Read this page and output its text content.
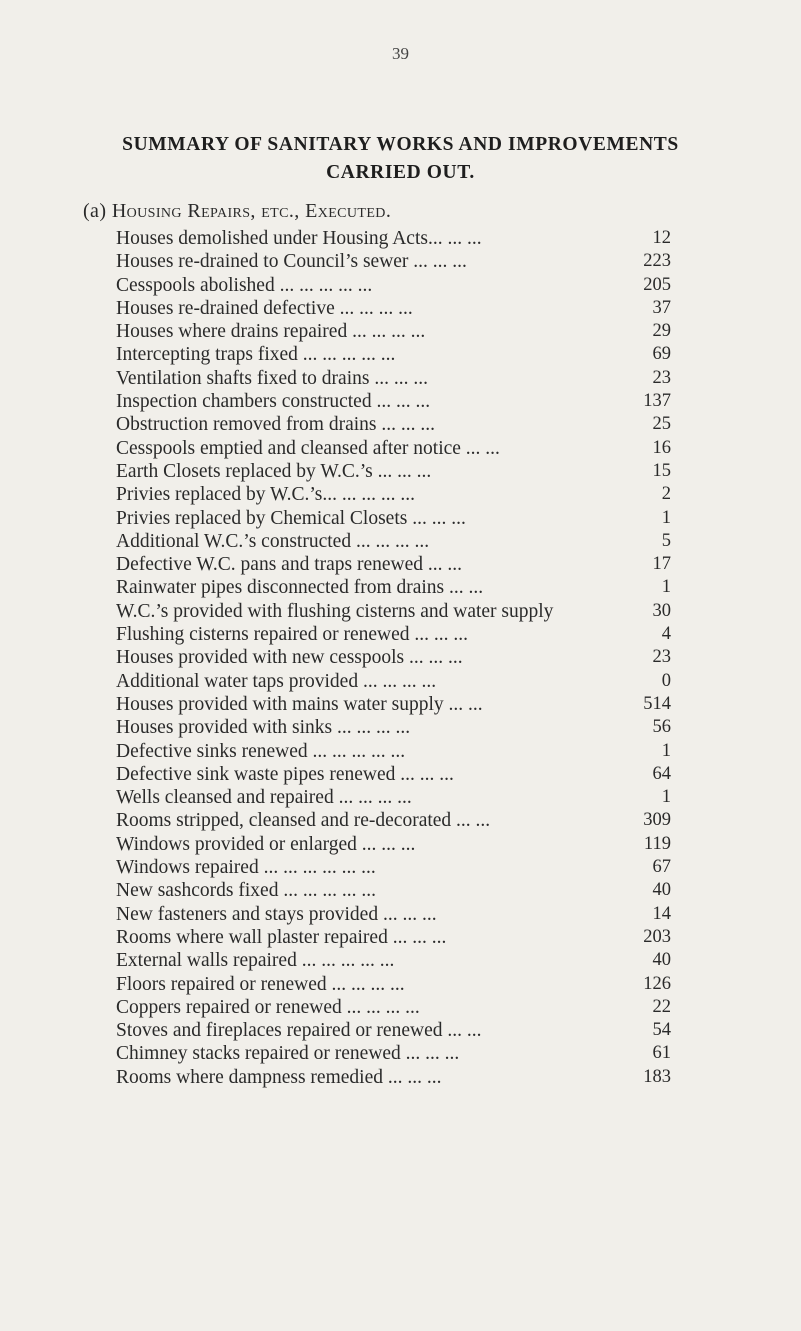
39
SUMMARY OF SANITARY WORKS AND IMPROVEMENTS
CARRIED OUT.
(a) Housing Repairs, etc., Executed.
Houses demolished under Housing Acts... ... ...	12
Houses re-drained to Council’s sewer ... ... ...	223
Cesspools abolished ... ... ... ... ...	205
Houses re-drained defective ... ... ... ...	37
Houses where drains repaired ... ... ... ...	29
Intercepting traps fixed ... ... ... ... ...	69
Ventilation shafts fixed to drains ... ... ...	23
Inspection chambers constructed ... ... ...	137
Obstruction removed from drains ... ... ...	25
Cesspools emptied and cleansed after notice ... ...	16
Earth Closets replaced by W.C.’s ... ... ...	15
Privies replaced by W.C.’s... ... ... ... ...	2
Privies replaced by Chemical Closets ... ... ...	1
Additional W.C.’s constructed ... ... ... ...	5
Defective W.C. pans and traps renewed ... ...	17
Rainwater pipes disconnected from drains ... ...	1
W.C.’s provided with flushing cisterns and water supply	30
Flushing cisterns repaired or renewed ... ... ...	4
Houses provided with new cesspools ... ... ...	23
Additional water taps provided ... ... ... ...	0
Houses provided with mains water supply ... ...	514
Houses provided with sinks ... ... ... ...	56
Defective sinks renewed ... ... ... ... ...	1
Defective sink waste pipes renewed ... ... ...	64
Wells cleansed and repaired ... ... ... ...	1
Rooms stripped, cleansed and re-decorated ... ...	309
Windows provided or enlarged ... ... ...	119
Windows repaired ... ... ... ... ... ...	67
New sashcords fixed ... ... ... ... ...	40
New fasteners and stays provided ... ... ...	14
Rooms where wall plaster repaired ... ... ...	203
External walls repaired ... ... ... ... ...	40
Floors repaired or renewed ... ... ... ...	126
Coppers repaired or renewed ... ... ... ...	22
Stoves and fireplaces repaired or renewed ... ...	54
Chimney stacks repaired or renewed ... ... ...	61
Rooms where dampness remedied ... ... ...	183
